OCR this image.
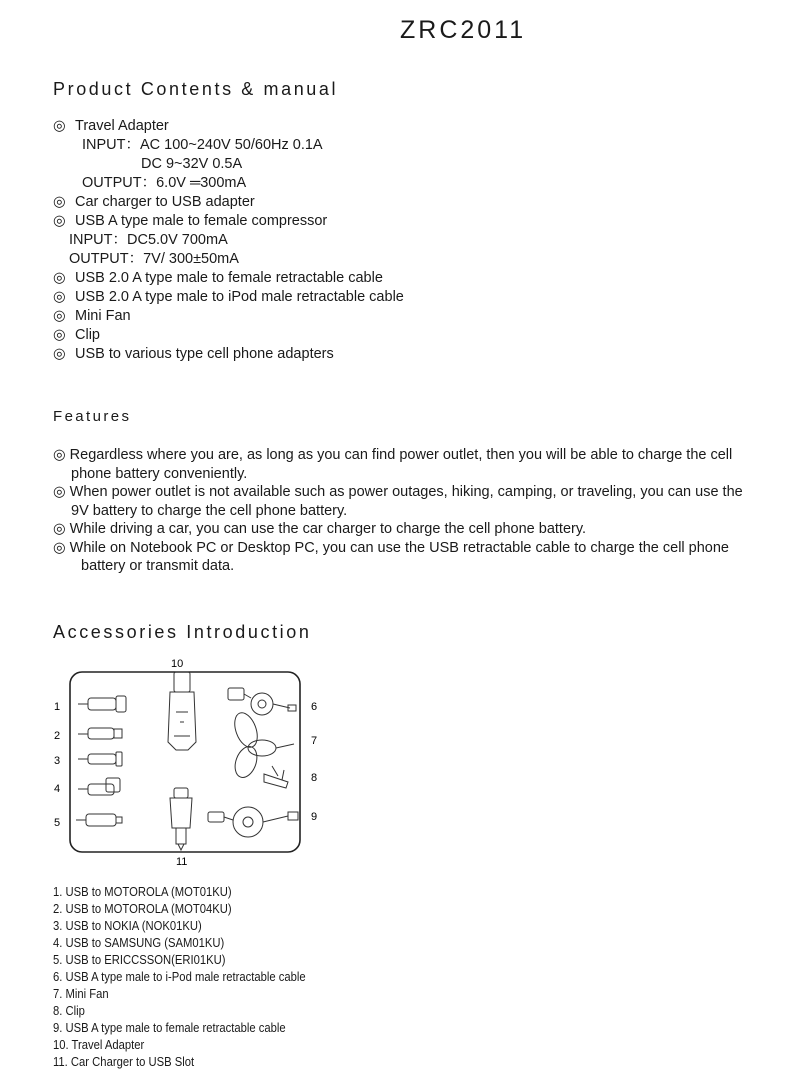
ZRC2011
Product Contents & manual
◎ Travel Adapter
INPUT：AC 100~240V 50/60Hz 0.1A
DC 9~32V 0.5A
OUTPUT：6.0V ═300mA
◎ Car charger to USB adapter
◎ USB A type male to female compressor
INPUT：DC5.0V 700mA
OUTPUT：7V/ 300±50mA
◎ USB 2.0 A type male to female retractable cable
◎ USB 2.0 A type male to iPod male retractable cable
◎ Mini Fan
◎ Clip
◎ USB to various type cell phone adapters
Features
◎ Regardless where you are, as long as you can find power outlet, then you will be able to charge the cell
phone battery conveniently.
◎ When power outlet is not available such as power outages, hiking, camping, or traveling, you can use the
9V battery to charge the cell phone battery.
◎ While driving a car, you can use the car charger to charge the cell phone battery.
◎ While on Notebook PC or Desktop PC, you can use the USB retractable cable to charge the cell phone
battery or transmit data.
Accessories Introduction
10
1
2
3
4
5
6
7
8
9
11
1. USB to MOTOROLA (MOT01KU)
2. USB to MOTOROLA (MOT04KU)
3. USB to NOKIA (NOK01KU)
4. USB to SAMSUNG (SAM01KU)
5. USB to ERICCSSON(ERI01KU)
6. USB A type male to i-Pod male retractable cable
7. Mini Fan
8. Clip
9. USB A type male to female retractable cable
10. Travel Adapter
11. Car Charger to USB Slot
